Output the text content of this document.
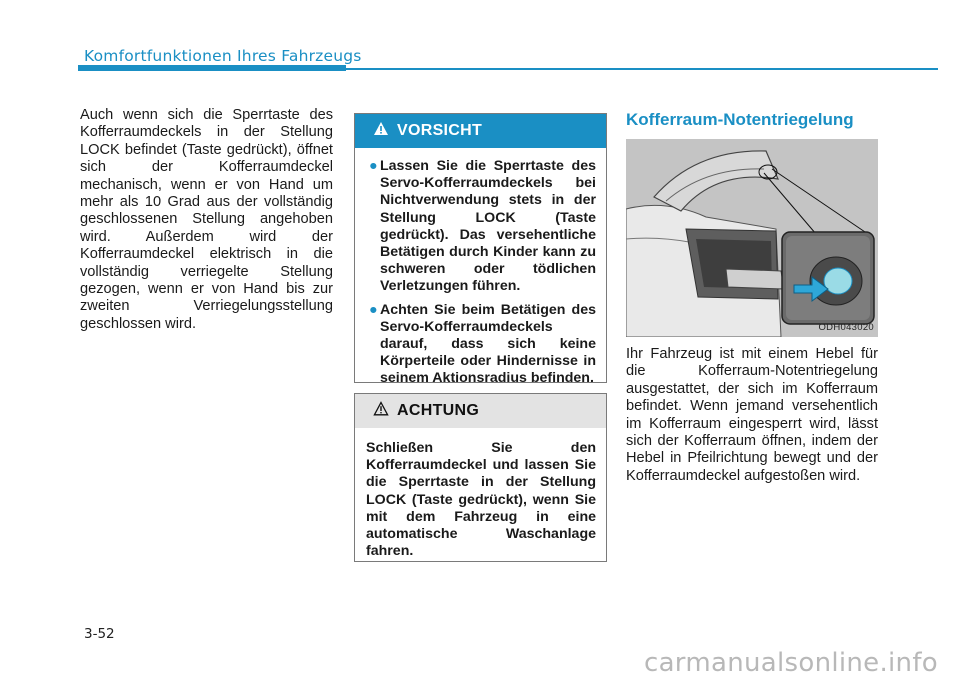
Komfortfunktionen Ihres Fahrzeugs
Auch wenn sich die Sperrtaste des Kofferraumdeckels in der Stellung LOCK befindet (Taste gedrückt), öffnet sich der Kofferraumdeckel mechanisch, wenn er von Hand um mehr als 10 Grad aus der vollständig geschlossenen Stellung angehoben wird. Außerdem wird der Kofferraumdeckel elektrisch in die vollständig verriegelte Stellung gezogen, wenn er von Hand bis zur zweiten Verriegelungsstellung geschlossen wird.
VORSICHT
● Lassen Sie die Sperrtaste des Servo-Kofferraumdeckels bei Nichtverwendung stets in der Stellung LOCK (Taste gedrückt). Das versehentliche Betätigen durch Kinder kann zu schweren oder tödlichen Verletzungen führen.
● Achten Sie beim Betätigen des Servo-Kofferraumdeckels darauf, dass sich keine Körperteile oder Hindernisse in seinem Aktionsradius befinden.
ACHTUNG
Schließen Sie den Kofferraumdeckel und lassen Sie die Sperrtaste in der Stellung LOCK (Taste gedrückt), wenn Sie mit dem Fahrzeug in eine automatische Waschanlage fahren.
Kofferraum-Notentriegelung
ODH043020
Ihr Fahrzeug ist mit einem Hebel für die Kofferraum-Notentriegelung ausgestattet, der sich im Kofferraum befindet. Wenn jemand versehentlich im Kofferraum eingesperrt wird, lässt sich der Kofferraum öffnen, indem der Hebel in Pfeilrichtung bewegt und der Kofferraumdeckel aufgestoßen wird.
3-52
carmanualsonline.info
